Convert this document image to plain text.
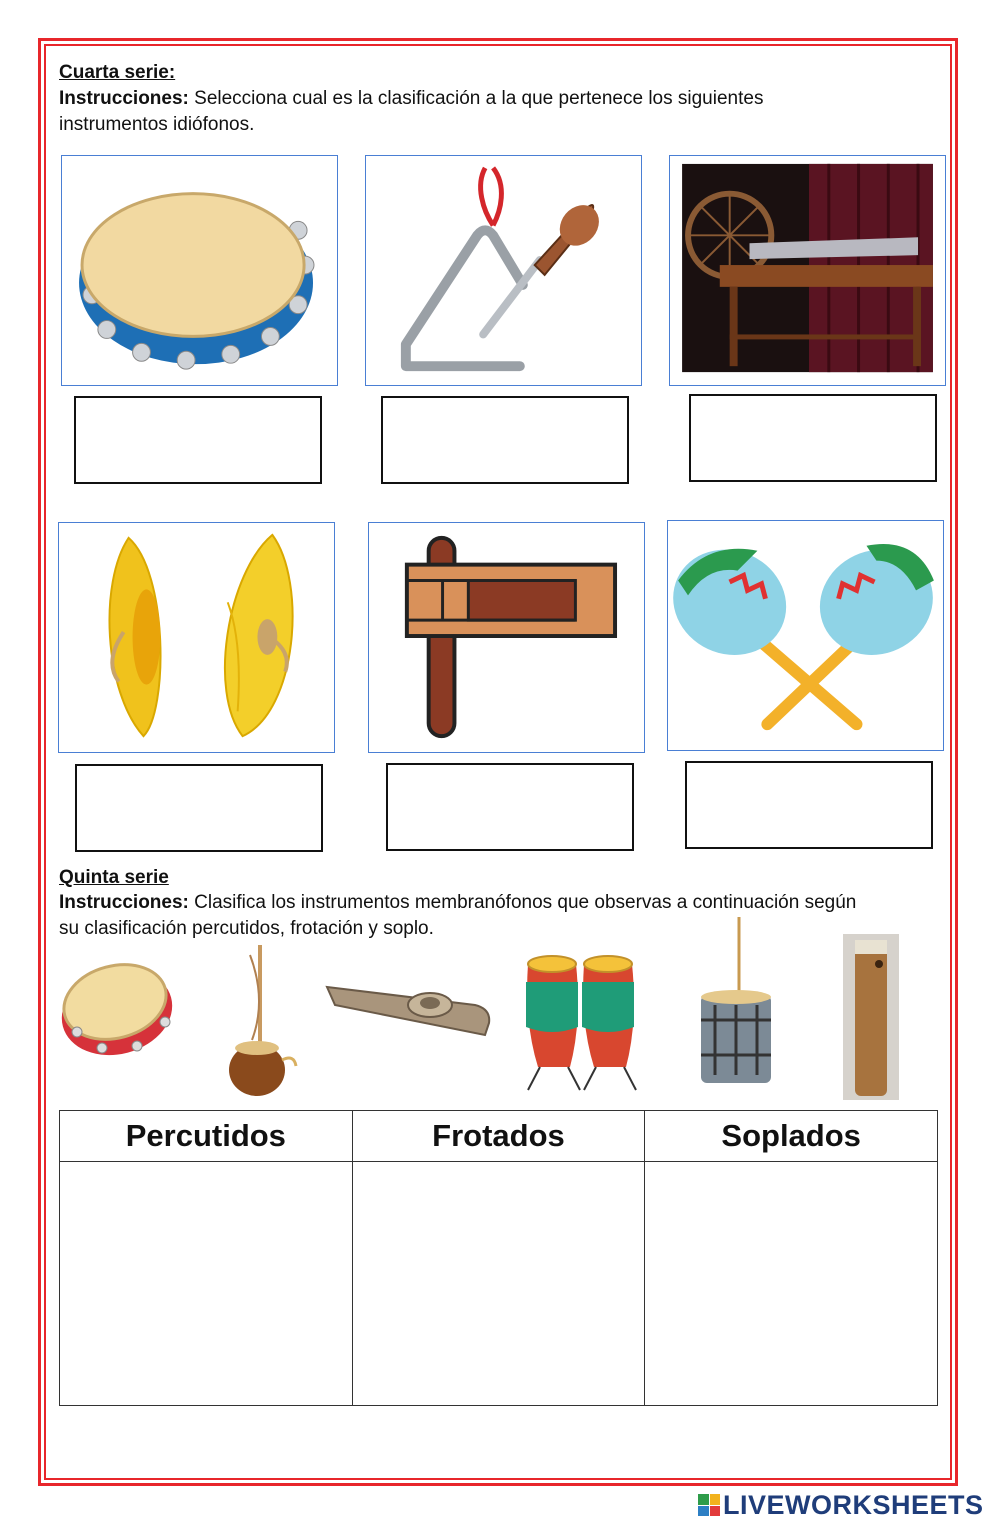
Cuarta serie:
Instrucciones: Selecciona cual es la clasificación a la que pertenece los siguientes
instrumentos idiófonos.
Quinta serie
Instrucciones: Clasifica los instrumentos membranófonos que observas a continuación según
su clasificación percutidos, frotación y soplo.
Percutidos	Frotados	Soplados

LIVEWORKSHEETS
